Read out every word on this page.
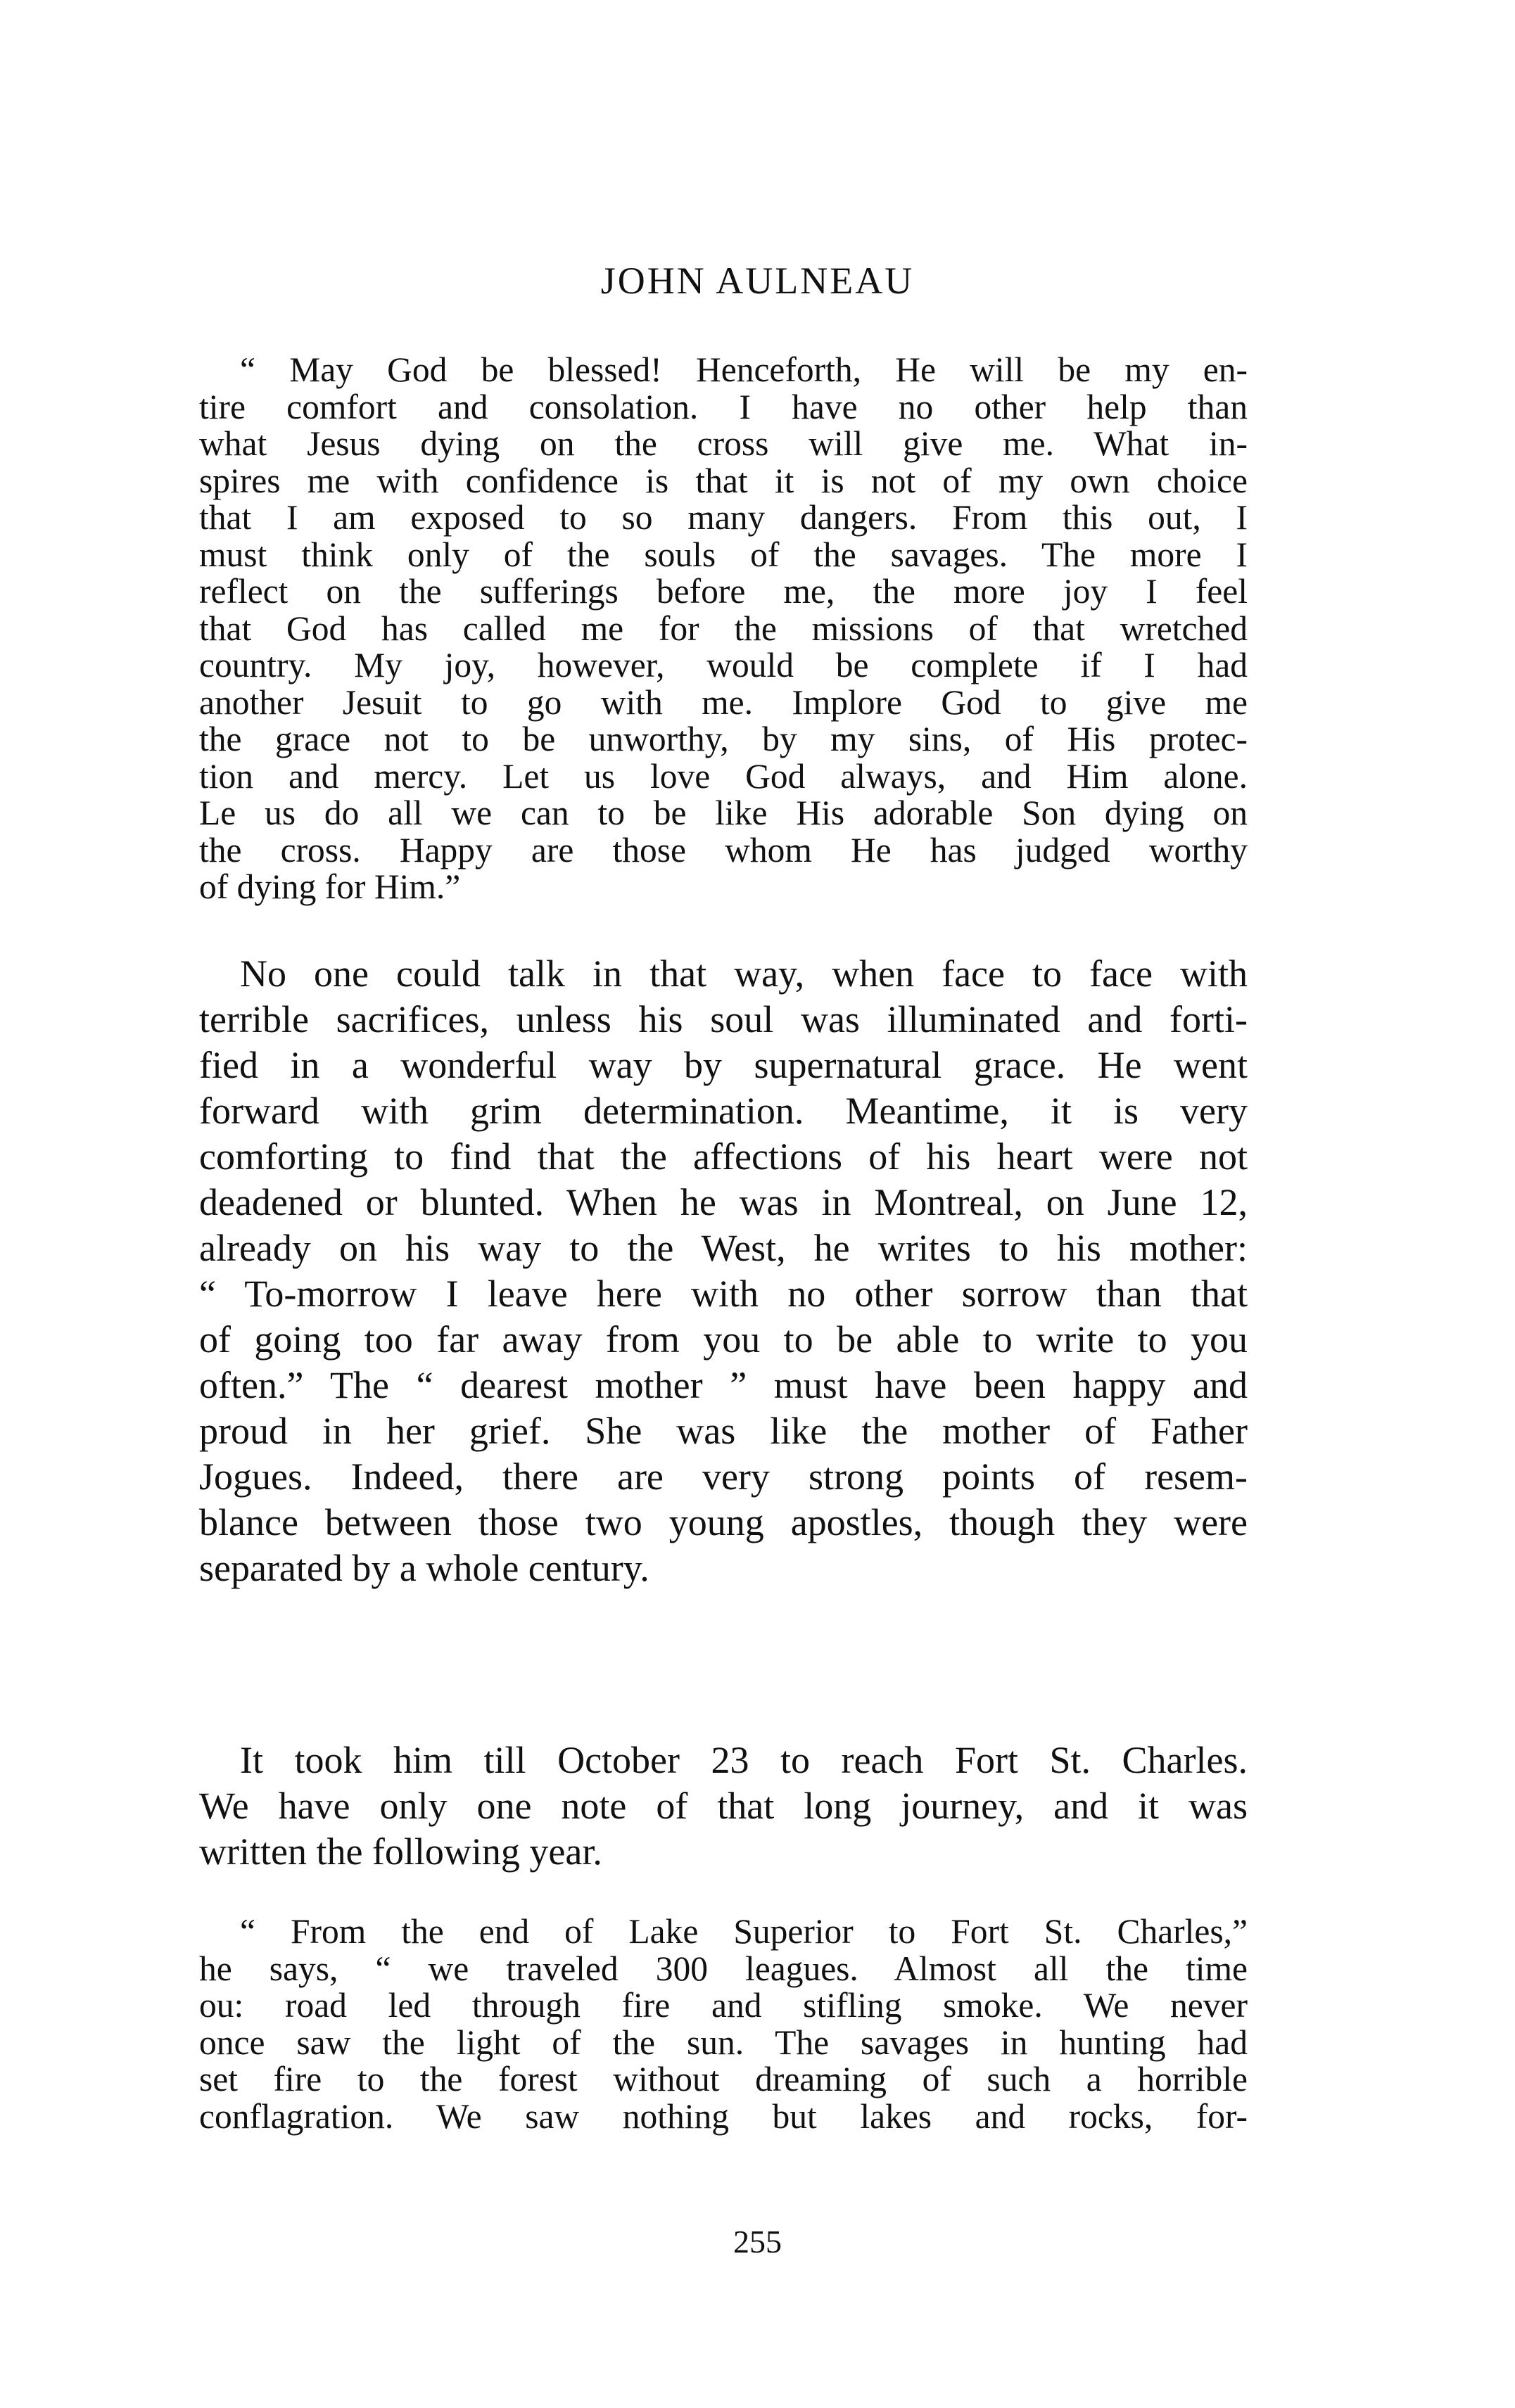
JOHN AULNEAU
“ May God be blessed! Henceforth, He will be my en-
tire comfort and consolation. I have no other help than
what Jesus dying on the cross will give me. What in-
spires me with confidence is that it is not of my own choice
that I am exposed to so many dangers. From this out, I
must think only of the souls of the savages. The more I
reflect on the sufferings before me, the more joy I feel
that God has called me for the missions of that wretched
country. My joy, however, would be complete if I had
another Jesuit to go with me. Implore God to give me
the grace not to be unworthy, by my sins, of His protec-
tion and mercy. Let us love God always, and Him alone.
Le us do all we can to be like His adorable Son dying on
the cross. Happy are those whom He has judged worthy
of dying for Him.”
No one could talk in that way, when face to face with
terrible sacrifices, unless his soul was illuminated and forti-
fied in a wonderful way by supernatural grace. He went
forward with grim determination. Meantime, it is very
comforting to find that the affections of his heart were not
deadened or blunted. When he was in Montreal, on June 12,
already on his way to the West, he writes to his mother:
“ To-morrow I leave here with no other sorrow than that
of going too far away from you to be able to write to you
often.” The “ dearest mother ” must have been happy and
proud in her grief. She was like the mother of Father
Jogues. Indeed, there are very strong points of resem-
blance between those two young apostles, though they were
separated by a whole century.
It took him till October 23 to reach Fort St. Charles.
We have only one note of that long journey, and it was
written the following year.
“ From the end of Lake Superior to Fort St. Charles,”
he says, “ we traveled 300 leagues. Almost all the time
ou: road led through fire and stifling smoke. We never
once saw the light of the sun. The savages in hunting had
set fire to the forest without dreaming of such a horrible
conflagration. We saw nothing but lakes and rocks, for-
255
